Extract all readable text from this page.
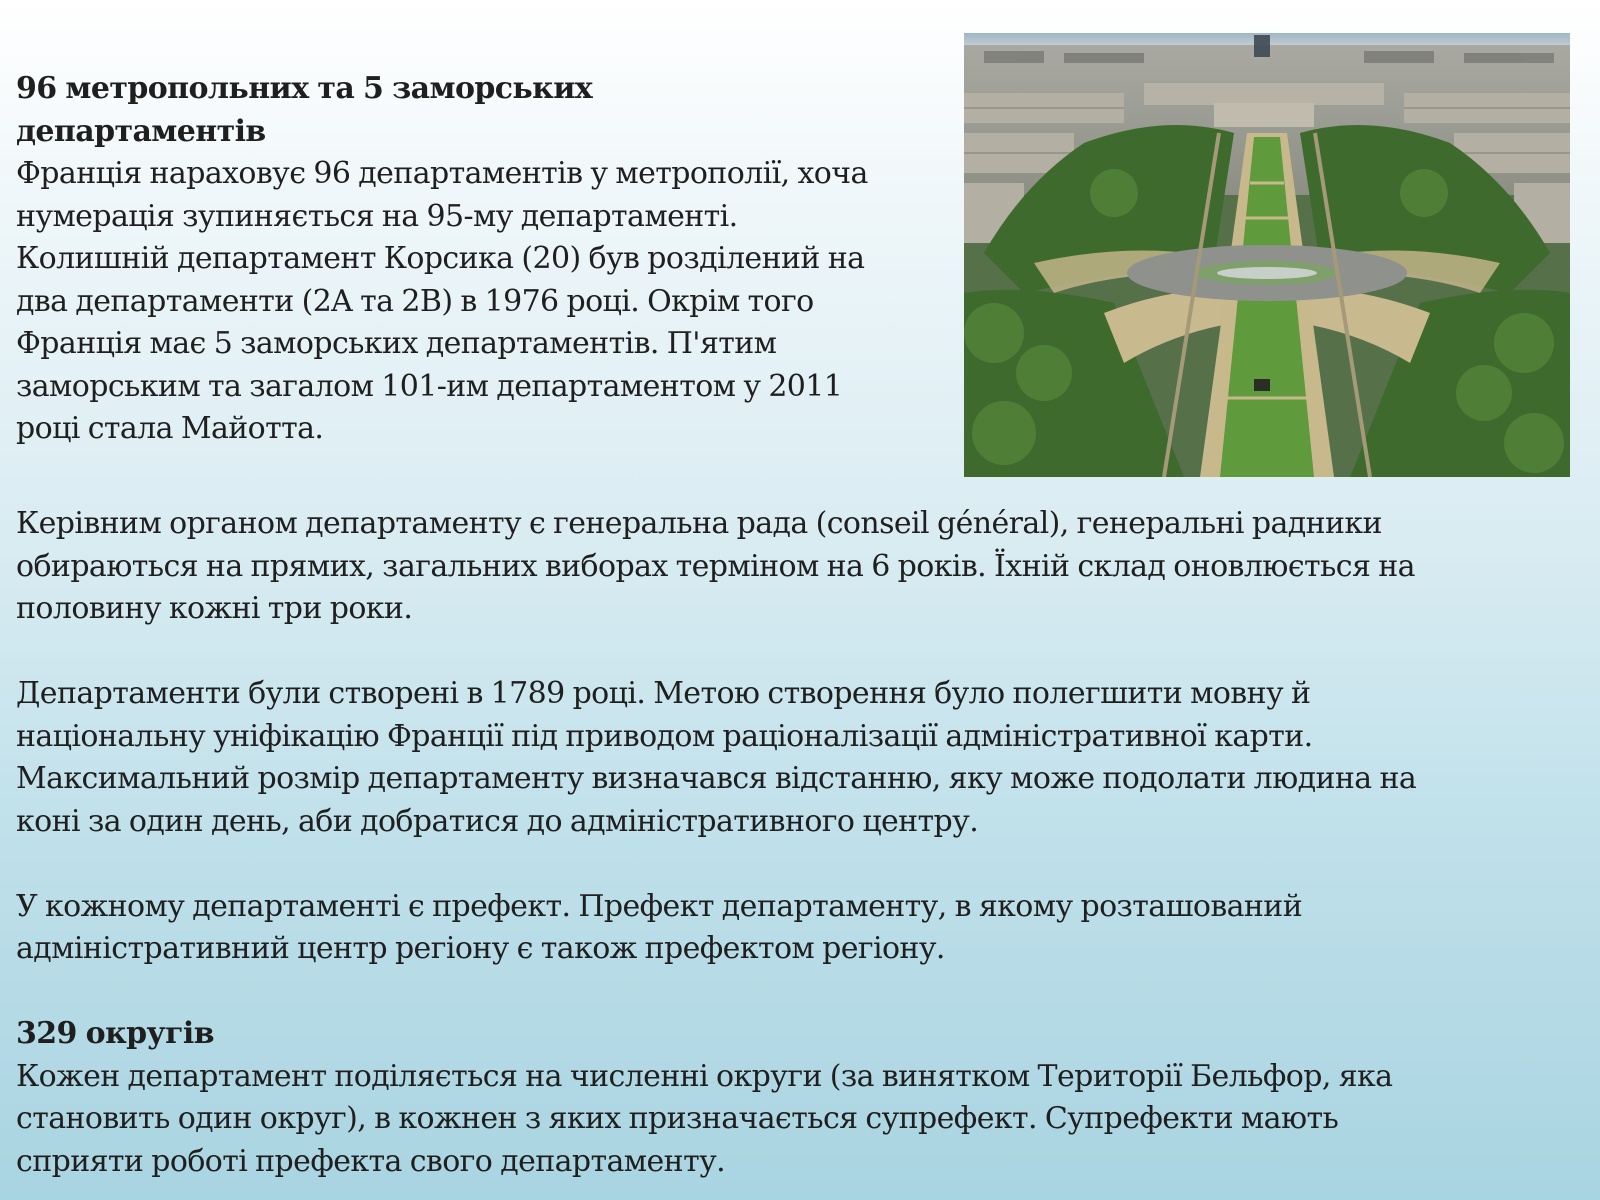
96 метропольних та 5 заморських
департаментів
Франція нараховує 96 департаментів у метрополії, хоча
нумерація зупиняється на 95-му департаменті.
Колишній департамент Корсика (20) був розділений на
два департаменти (2A та 2B) в 1976 році. Окрім того
Франція має 5 заморських департаментів. П'ятим
заморським та загалом 101-им департаментом у 2011
році стала Майотта.
Керівним органом департаменту є генеральна рада (conseil général), генеральні радники
обираються на прямих, загальних виборах терміном на 6 років. Їхній склад оновлюється на
половину кожні три роки.
Департаменти були створені в 1789 році. Метою створення було полегшити мовну й
національну уніфікацію Франції під приводом раціоналізації адміністративної карти.
Максимальний розмір департаменту визначався відстанню, яку може подолати людина на
коні за один день, аби добратися до адміністративного центру.
У кожному департаменті є префект. Префект департаменту, в якому розташований
адміністративний центр регіону є також префектом регіону.
329 округів
Кожен департамент поділяється на численні округи (за винятком Території Бельфор, яка
становить один округ), в кожнен з яких призначається супрефект. Супрефекти мають
сприяти роботі префекта свого департаменту.
